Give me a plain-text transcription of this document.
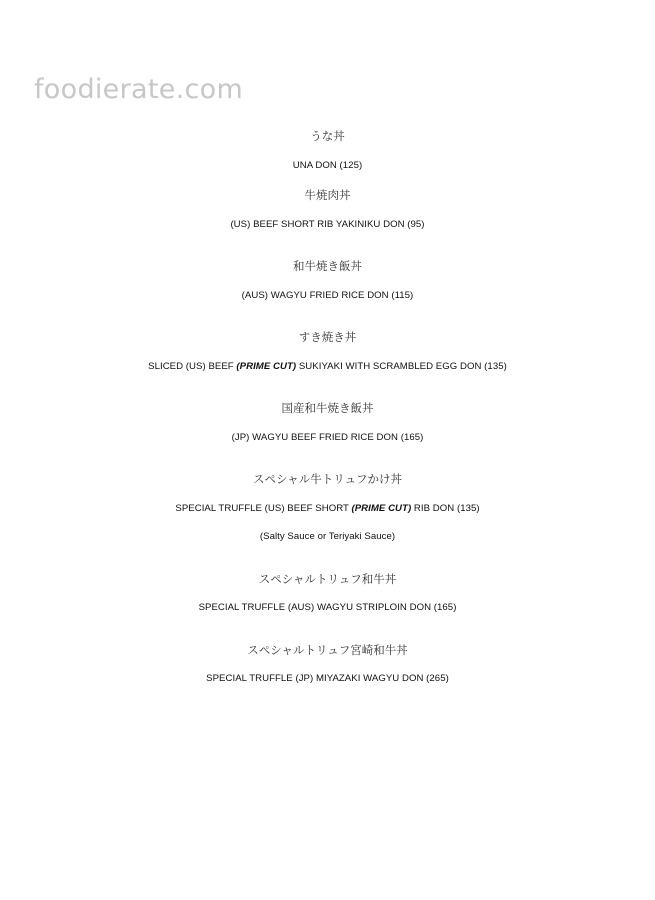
foodierate.com
うな丼
UNA DON (125)
牛焼肉丼
(US) BEEF SHORT RIB YAKINIKU DON (95)
和牛焼き飯丼
(AUS) WAGYU FRIED RICE DON (115)
すき焼き丼
SLICED (US) BEEF (PRIME CUT) SUKIYAKI WITH SCRAMBLED EGG DON (135)
国産和牛焼き飯丼
(JP) WAGYU BEEF FRIED RICE DON (165)
スペシャル牛トリュフかけ丼
SPECIAL TRUFFLE (US) BEEF SHORT (PRIME CUT) RIB DON (135)
(Salty Sauce or Teriyaki Sauce)
スペシャルトリュフ和牛丼
SPECIAL TRUFFLE (AUS) WAGYU STRIPLOIN DON (165)
スペシャルトリュフ宮崎和牛丼
SPECIAL TRUFFLE (JP) MIYAZAKI WAGYU DON (265)
